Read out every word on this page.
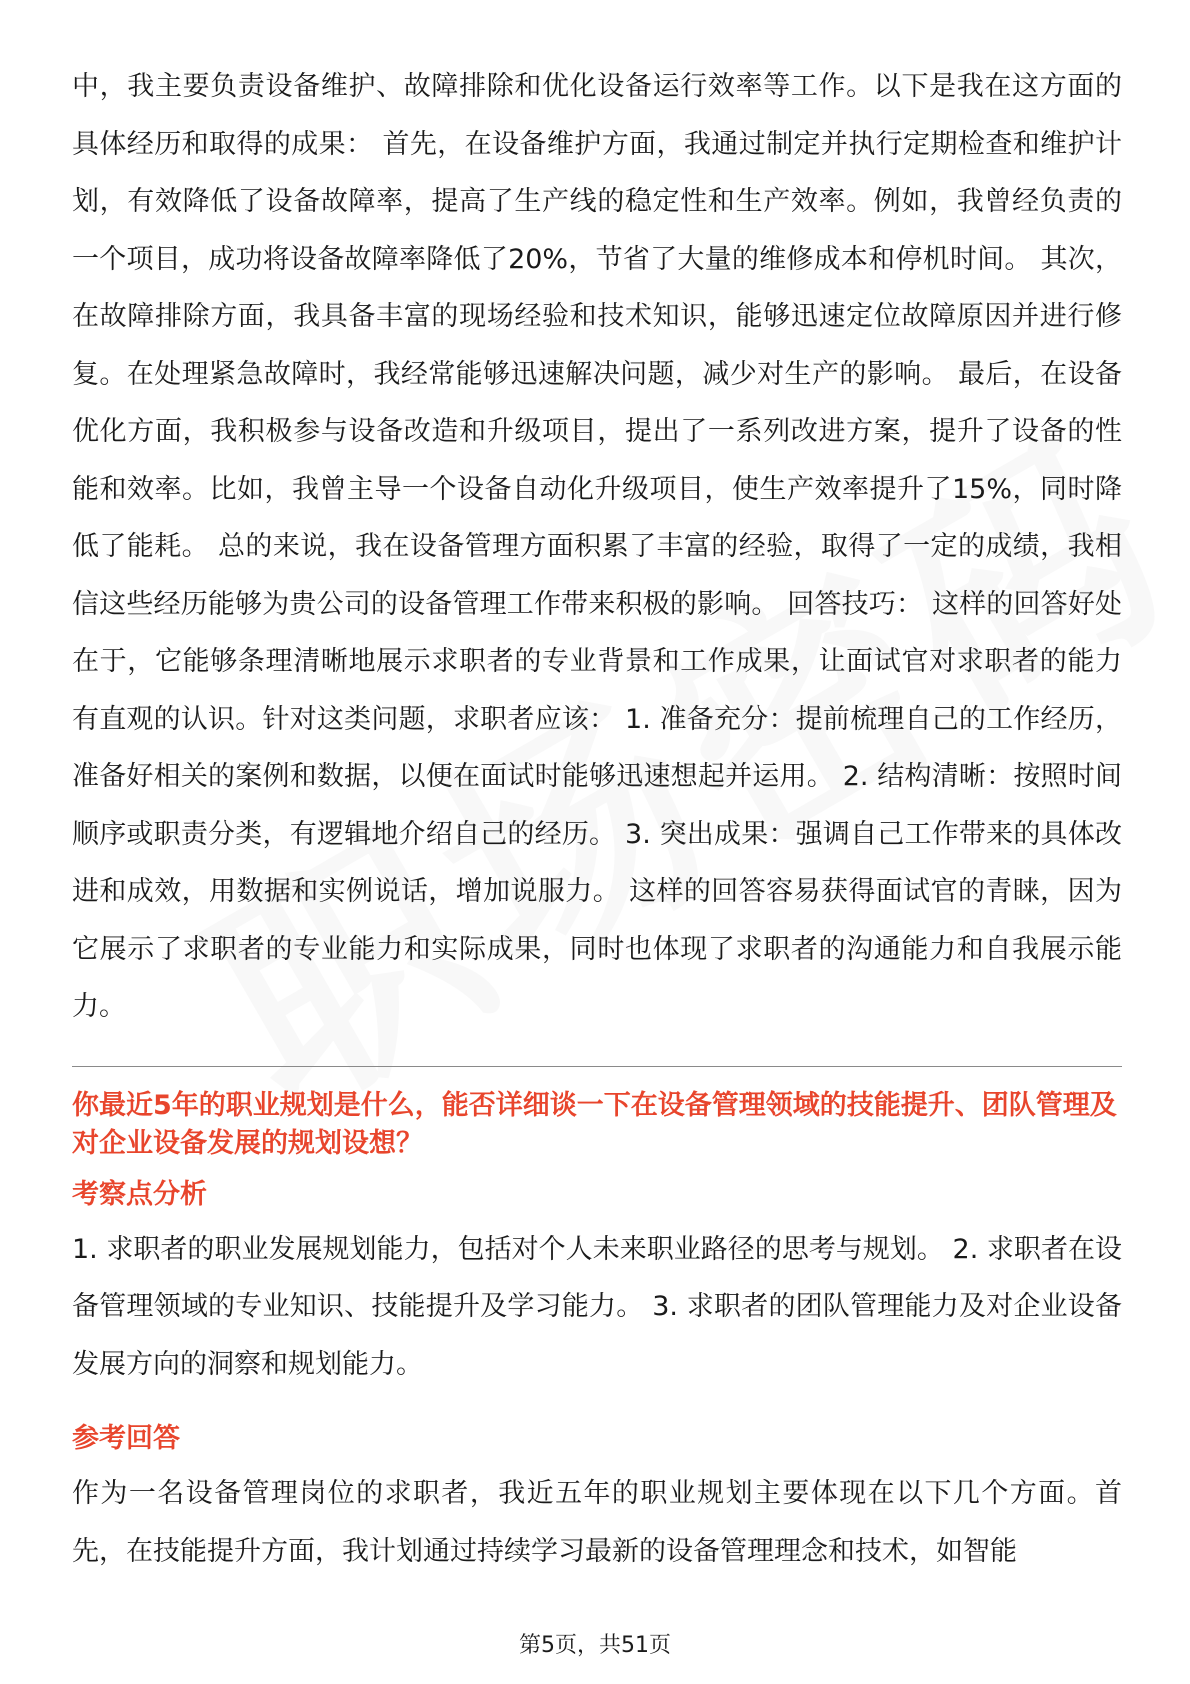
中，我主要负责设备维护、故障排除和优化设备运行效率等工作。以下是我在这方面的具体经历和取得的成果： 首先，在设备维护方面，我通过制定并执行定期检查和维护计划，有效降低了设备故障率，提高了生产线的稳定性和生产效率。例如，我曾经负责的一个项目，成功将设备故障率降低了20%，节省了大量的维修成本和停机时间。 其次，在故障排除方面，我具备丰富的现场经验和技术知识，能够迅速定位故障原因并进行修复。在处理紧急故障时，我经常能够迅速解决问题，减少对生产的影响。 最后，在设备优化方面，我积极参与设备改造和升级项目，提出了一系列改进方案，提升了设备的性能和效率。比如，我曾主导一个设备自动化升级项目，使生产效率提升了15%，同时降低了能耗。 总的来说，我在设备管理方面积累了丰富的经验，取得了一定的成绩，我相信这些经历能够为贵公司的设备管理工作带来积极的影响。 回答技巧： 这样的回答好处在于，它能够条理清晰地展示求职者的专业背景和工作成果，让面试官对求职者的能力有直观的认识。针对这类问题，求职者应该： 1. 准备充分：提前梳理自己的工作经历，准备好相关的案例和数据，以便在面试时能够迅速想起并运用。 2. 结构清晰：按照时间顺序或职责分类，有逻辑地介绍自己的经历。 3. 突出成果：强调自己工作带来的具体改进和成效，用数据和实例说话，增加说服力。 这样的回答容易获得面试官的青睐，因为它展示了求职者的专业能力和实际成果，同时也体现了求职者的沟通能力和自我展示能力。

你最近5年的职业规划是什么，能否详细谈一下在设备管理领域的技能提升、团队管理及对企业设备发展的规划设想？
考察点分析

1. 求职者的职业发展规划能力，包括对个人未来职业路径的思考与规划。 2. 求职者在设备管理领域的专业知识、技能提升及学习能力。 3. 求职者的团队管理能力及对企业设备发展方向的洞察和规划能力。

参考回答

作为一名设备管理岗位的求职者，我近五年的职业规划主要体现在以下几个方面。首先，在技能提升方面，我计划通过持续学习最新的设备管理理念和技术，如智能

第5页，共51页
